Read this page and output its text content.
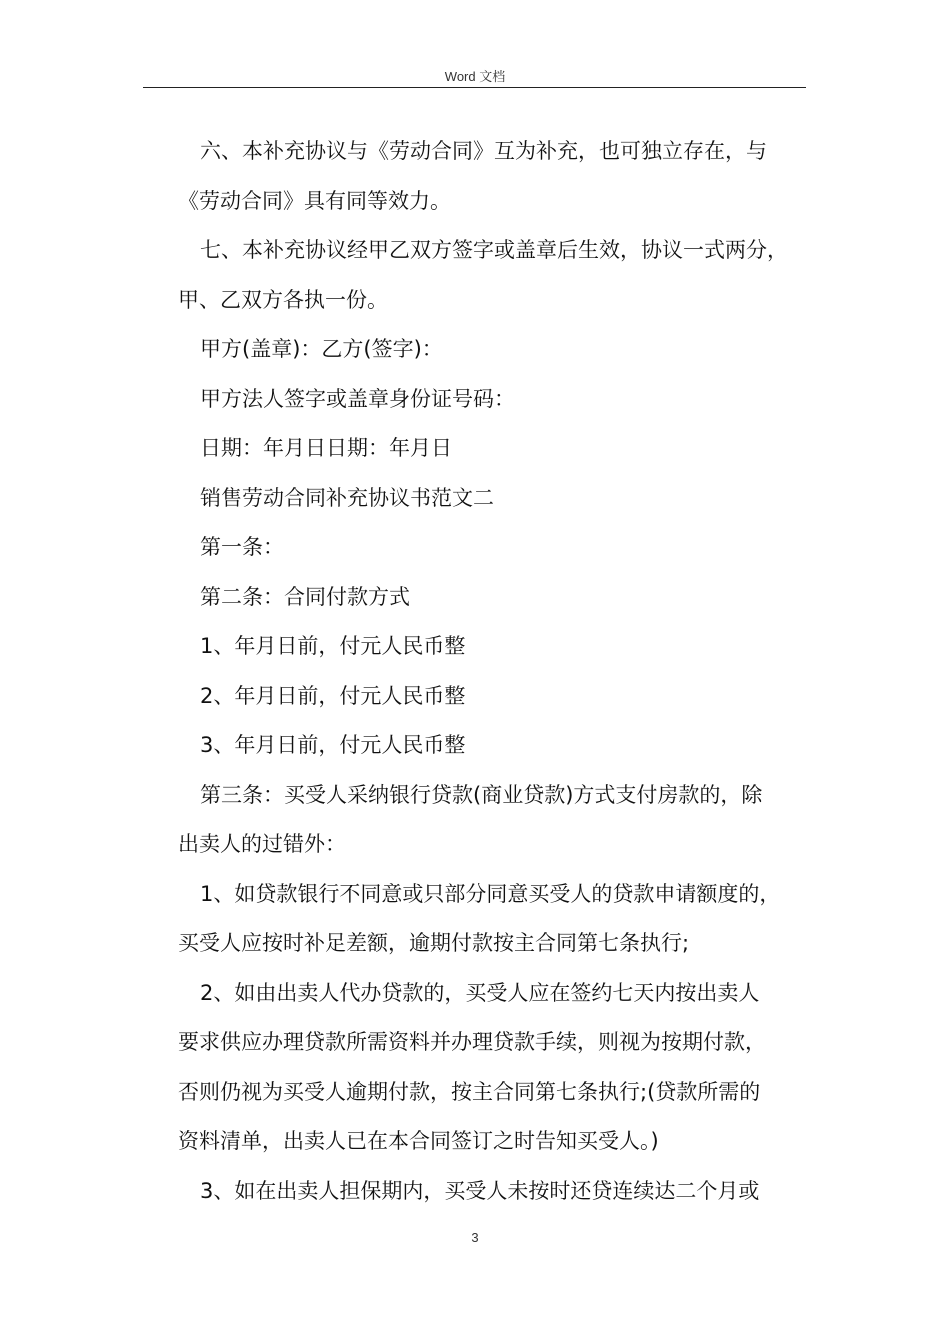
Word 文档
六、本补充协议与《劳动合同》互为补充，也可独立存在，与
《劳动合同》具有同等效力。
七、本补充协议经甲乙双方签字或盖章后生效，协议一式两分，
甲、乙双方各执一份。
甲方(盖章)：乙方(签字)：
甲方法人签字或盖章身份证号码：
日期：年月日日期：年月日
销售劳动合同补充协议书范文二
第一条：
第二条：合同付款方式
1、年月日前，付元人民币整
2、年月日前，付元人民币整
3、年月日前，付元人民币整
第三条：买受人采纳银行贷款(商业贷款)方式支付房款的，除
出卖人的过错外：
1、如贷款银行不同意或只部分同意买受人的贷款申请额度的，
买受人应按时补足差额，逾期付款按主合同第七条执行;
2、如由出卖人代办贷款的，买受人应在签约七天内按出卖人
要求供应办理贷款所需资料并办理贷款手续，则视为按期付款，
否则仍视为买受人逾期付款，按主合同第七条执行;(贷款所需的
资料清单，出卖人已在本合同签订之时告知买受人。)
3、如在出卖人担保期内，买受人未按时还贷连续达二个月或
3
